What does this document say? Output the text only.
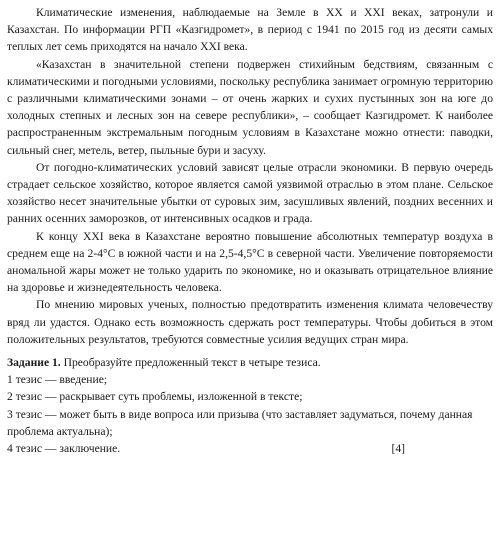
Климатические изменения, наблюдаемые на Земле в XX и XXI веках, затронули и Казахстан. По информации РГП «Казгидромет», в период с 1941 по 2015 год из десяти самых теплых лет семь приходятся на начало XXI века.

«Казахстан в значительной степени подвержен стихийным бедствиям, связанным с климатическими и погодными условиями, поскольку республика занимает огромную территорию с различными климатическими зонами – от очень жарких и сухих пустынных зон на юге до холодных степных и лесных зон на севере республики», – сообщает Казгидромет. К наиболее распространенным экстремальным погодным условиям в Казахстане можно отнести: паводки, сильный снег, метель, ветер, пыльные бури и засуху.

От погодно-климатических условий зависят целые отрасли экономики. В первую очередь страдает сельское хозяйство, которое является самой уязвимой отраслью в этом плане. Сельское хозяйство несет значительные убытки от суровых зим, засушливых явлений, поздних весенних и ранних осенних заморозков, от интенсивных осадков и града.

К концу XXI века в Казахстане вероятно повышение абсолютных температур воздуха в среднем еще на 2-4°C в южной части и на 2,5-4,5°C в северной части. Увеличение повторяемости аномальной жары может не только ударить по экономике, но и оказывать отрицательное влияние на здоровье и жизнедеятельность человека.

По мнению мировых ученых, полностью предотвратить изменения климата человечеству вряд ли удастся. Однако есть возможность сдержать рост температуры. Чтобы добиться в этом положительных результатов, требуются совместные усилия ведущих стран мира.

Задание 1. Преобразуйте предложенный текст в четыре тезиса.

1 тезис — введение;

2 тезис — раскрывает суть проблемы, изложенной в тексте;

3 тезис — может быть в виде вопроса или призыва (что заставляет задуматься, почему данная проблема актуальна);

4 тезис — заключение.	[4]
